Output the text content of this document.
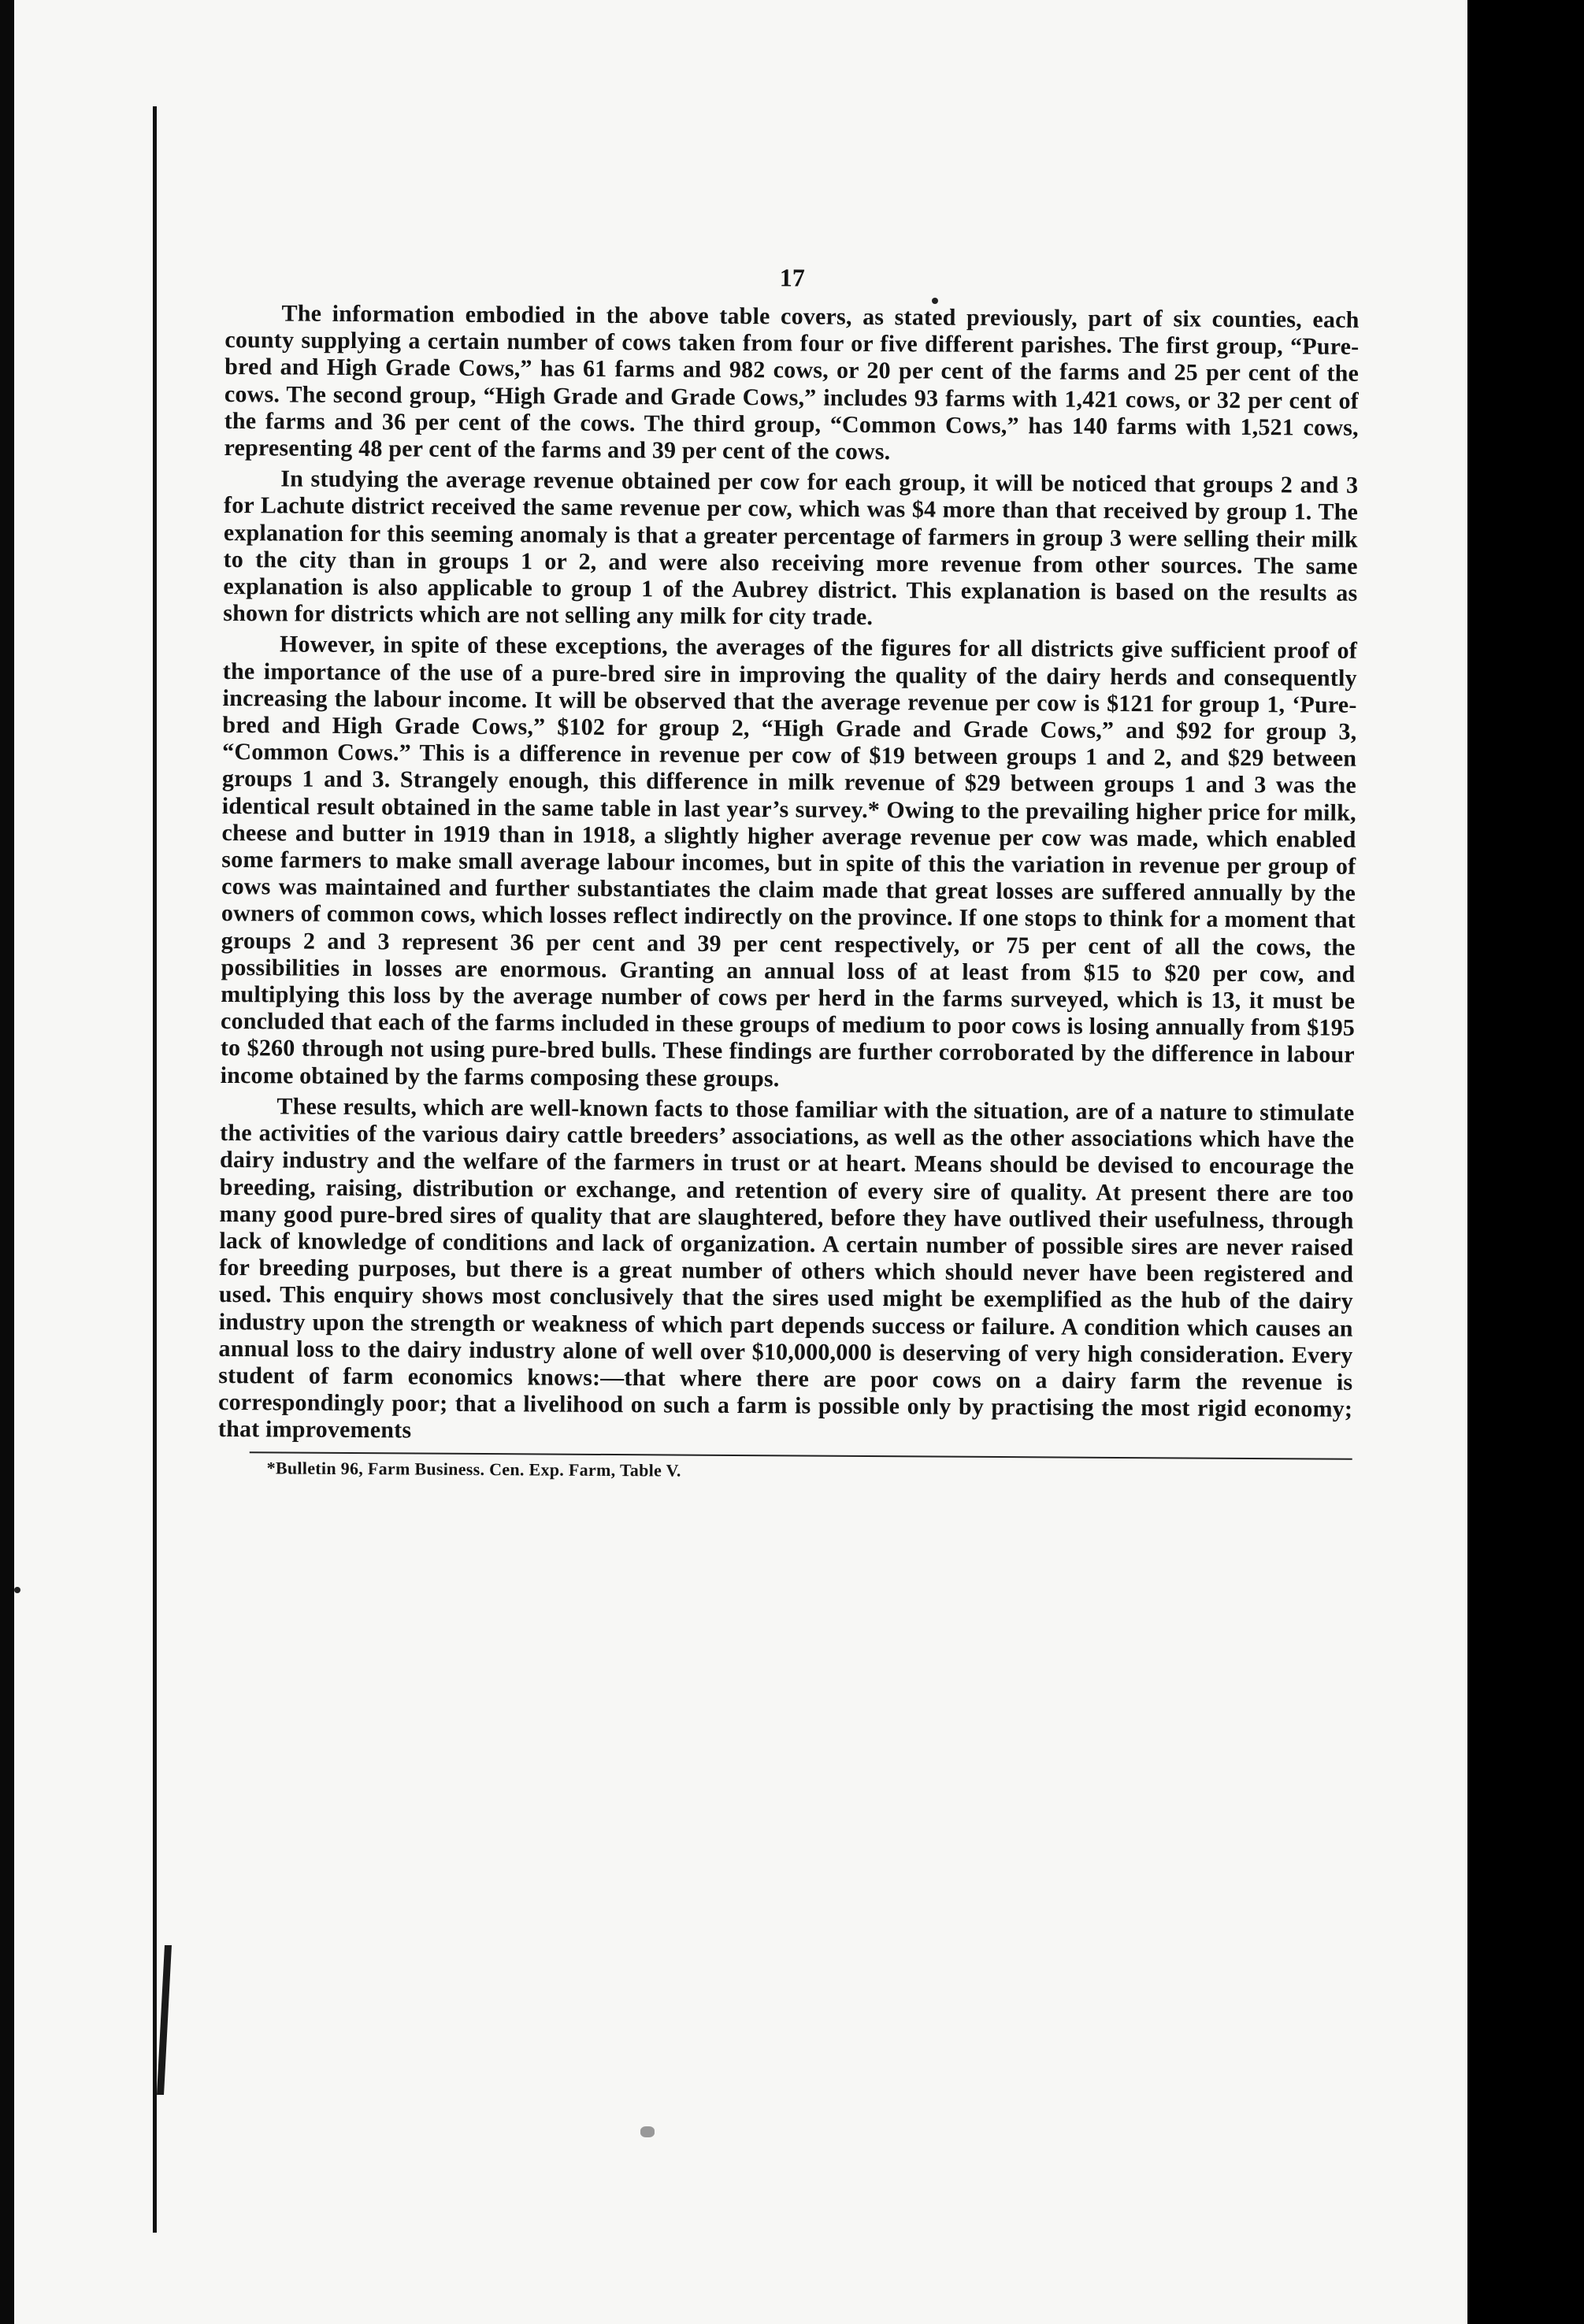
17

The information embodied in the above table covers, as stated previously, part of six counties, each county supplying a certain number of cows taken from four or five different parishes. The first group, “Pure-bred and High Grade Cows,” has 61 farms and 982 cows, or 20 per cent of the farms and 25 per cent of the cows. The second group, “High Grade and Grade Cows,” includes 93 farms with 1,421 cows, or 32 per cent of the farms and 36 per cent of the cows. The third group, “Common Cows,” has 140 farms with 1,521 cows, representing 48 per cent of the farms and 39 per cent of the cows.

In studying the average revenue obtained per cow for each group, it will be noticed that groups 2 and 3 for Lachute district received the same revenue per cow, which was $4 more than that received by group 1. The explanation for this seeming anomaly is that a greater percentage of farmers in group 3 were selling their milk to the city than in groups 1 or 2, and were also receiving more revenue from other sources. The same explanation is also applicable to group 1 of the Aubrey district. This explanation is based on the results as shown for districts which are not selling any milk for city trade.

However, in spite of these exceptions, the averages of the figures for all districts give sufficient proof of the importance of the use of a pure-bred sire in improving the quality of the dairy herds and consequently increasing the labour income. It will be observed that the average revenue per cow is $121 for group 1, ‘Pure-bred and High Grade Cows,” $102 for group 2, “High Grade and Grade Cows,” and $92 for group 3, “Common Cows.” This is a difference in revenue per cow of $19 between groups 1 and 2, and $29 between groups 1 and 3. Strangely enough, this difference in milk revenue of $29 between groups 1 and 3 was the identical result obtained in the same table in last year’s survey.* Owing to the prevailing higher price for milk, cheese and butter in 1919 than in 1918, a slightly higher average revenue per cow was made, which enabled some farmers to make small average labour incomes, but in spite of this the variation in revenue per group of cows was maintained and further substantiates the claim made that great losses are suffered annually by the owners of common cows, which losses reflect indirectly on the province. If one stops to think for a moment that groups 2 and 3 represent 36 per cent and 39 per cent respectively, or 75 per cent of all the cows, the possibilities in losses are enormous. Granting an annual loss of at least from $15 to $20 per cow, and multiplying this loss by the average number of cows per herd in the farms surveyed, which is 13, it must be concluded that each of the farms included in these groups of medium to poor cows is losing annually from $195 to $260 through not using pure-bred bulls. These findings are further corroborated by the difference in labour income obtained by the farms composing these groups.

These results, which are well-known facts to those familiar with the situation, are of a nature to stimulate the activities of the various dairy cattle breeders’ associations, as well as the other associations which have the dairy industry and the welfare of the farmers in trust or at heart. Means should be devised to encourage the breeding, raising, distribution or exchange, and retention of every sire of quality. At present there are too many good pure-bred sires of quality that are slaughtered, before they have outlived their usefulness, through lack of knowledge of conditions and lack of organization. A certain number of possible sires are never raised for breeding purposes, but there is a great number of others which should never have been registered and used. This enquiry shows most conclusively that the sires used might be exemplified as the hub of the dairy industry upon the strength or weakness of which part depends success or failure. A condition which causes an annual loss to the dairy industry alone of well over $10,000,000 is deserving of very high consideration. Every student of farm economics knows:—that where there are poor cows on a dairy farm the revenue is correspondingly poor; that a livelihood on such a farm is possible only by practising the most rigid economy; that improvements

*Bulletin 96, Farm Business. Cen. Exp. Farm, Table V.
